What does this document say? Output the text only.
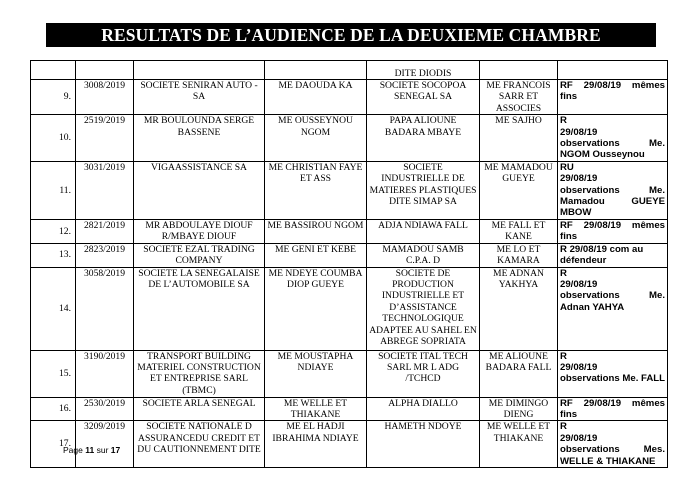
RESULTATS DE L’AUDIENCE DE LA DEUXIEME CHAMBRE
				DITE DIODIS		
9.	3008/2019	SOCIETE SENIRAN AUTO - SA	ME DAOUDA KA	SOCIETE SOCOPOA SENEGAL SA	ME FRANCOIS SARR ET ASSOCIES	RF 29/08/19 mêmes fins

10.	2519/2019	MR BOULOUNDA SERGE BASSENE	ME OUSSEYNOU NGOM	PAPA ALIOUNE BADARA MBAYE	ME SAJHO	R
29/08/19
observations Me. NGOM Ousseynou

11.	3031/2019	VIGAASSISTANCE SA	ME CHRISTIAN FAYE ET ASS	SOCIETE INDUSTRIELLE DE MATIERES PLASTIQUES DITE SIMAP SA	ME MAMADOU GUEYE	RU
29/08/19
observations Me. Mamadou GUEYE MBOW

12.	2821/2019	MR ABDOULAYE DIOUF R/MBAYE DIOUF	ME BASSIROU NGOM	ADJA NDIAWA FALL	ME FALL ET KANE	RF 29/08/19 mêmes fins

13.	2823/2019	SOCIETE EZAL TRADING COMPANY	ME GENI ET KEBE	MAMADOU SAMB C.P.A. D	ME LO ET KAMARA	R 29/08/19 com au
défendeur

14.	3058/2019	SOCIETE LA SENEGALAISE DE L’AUTOMOBILE SA	ME NDEYE COUMBA DIOP GUEYE	SOCIETE DE PRODUCTION INDUSTRIELLE ET D’ASSISTANCE TECHNOLOGIQUE ADAPTEE AU SAHEL EN ABREGE SOPRIATA	ME ADNAN YAKHYA	R
29/08/19
observations Me. Adnan YAHYA

15.	3190/2019	TRANSPORT BUILDING MATERIEL CONSTRUCTION ET ENTREPRISE SARL (TBMC)	ME MOUSTAPHA NDIAYE	SOCIETE ITAL TECH SARL MR L ADG /TCHCD	ME ALIOUNE BADARA FALL	R
29/08/19
observations Me. FALL

16.	2530/2019	SOCIETE ARLA SENEGAL	ME WELLE ET THIAKANE	ALPHA DIALLO	ME DIMINGO DIENG	RF 29/08/19 mêmes fins

17.	3209/2019	SOCIETE NATIONALE D ASSURANCEDU CREDIT ET DU CAUTIONNEMENT DITE	ME EL HADJI IBRAHIMA NDIAYE	HAMETH NDOYE	ME WELLE ET THIAKANE	R
29/08/19
observations Mes. WELLE & THIAKANE
Page 11 sur 17
